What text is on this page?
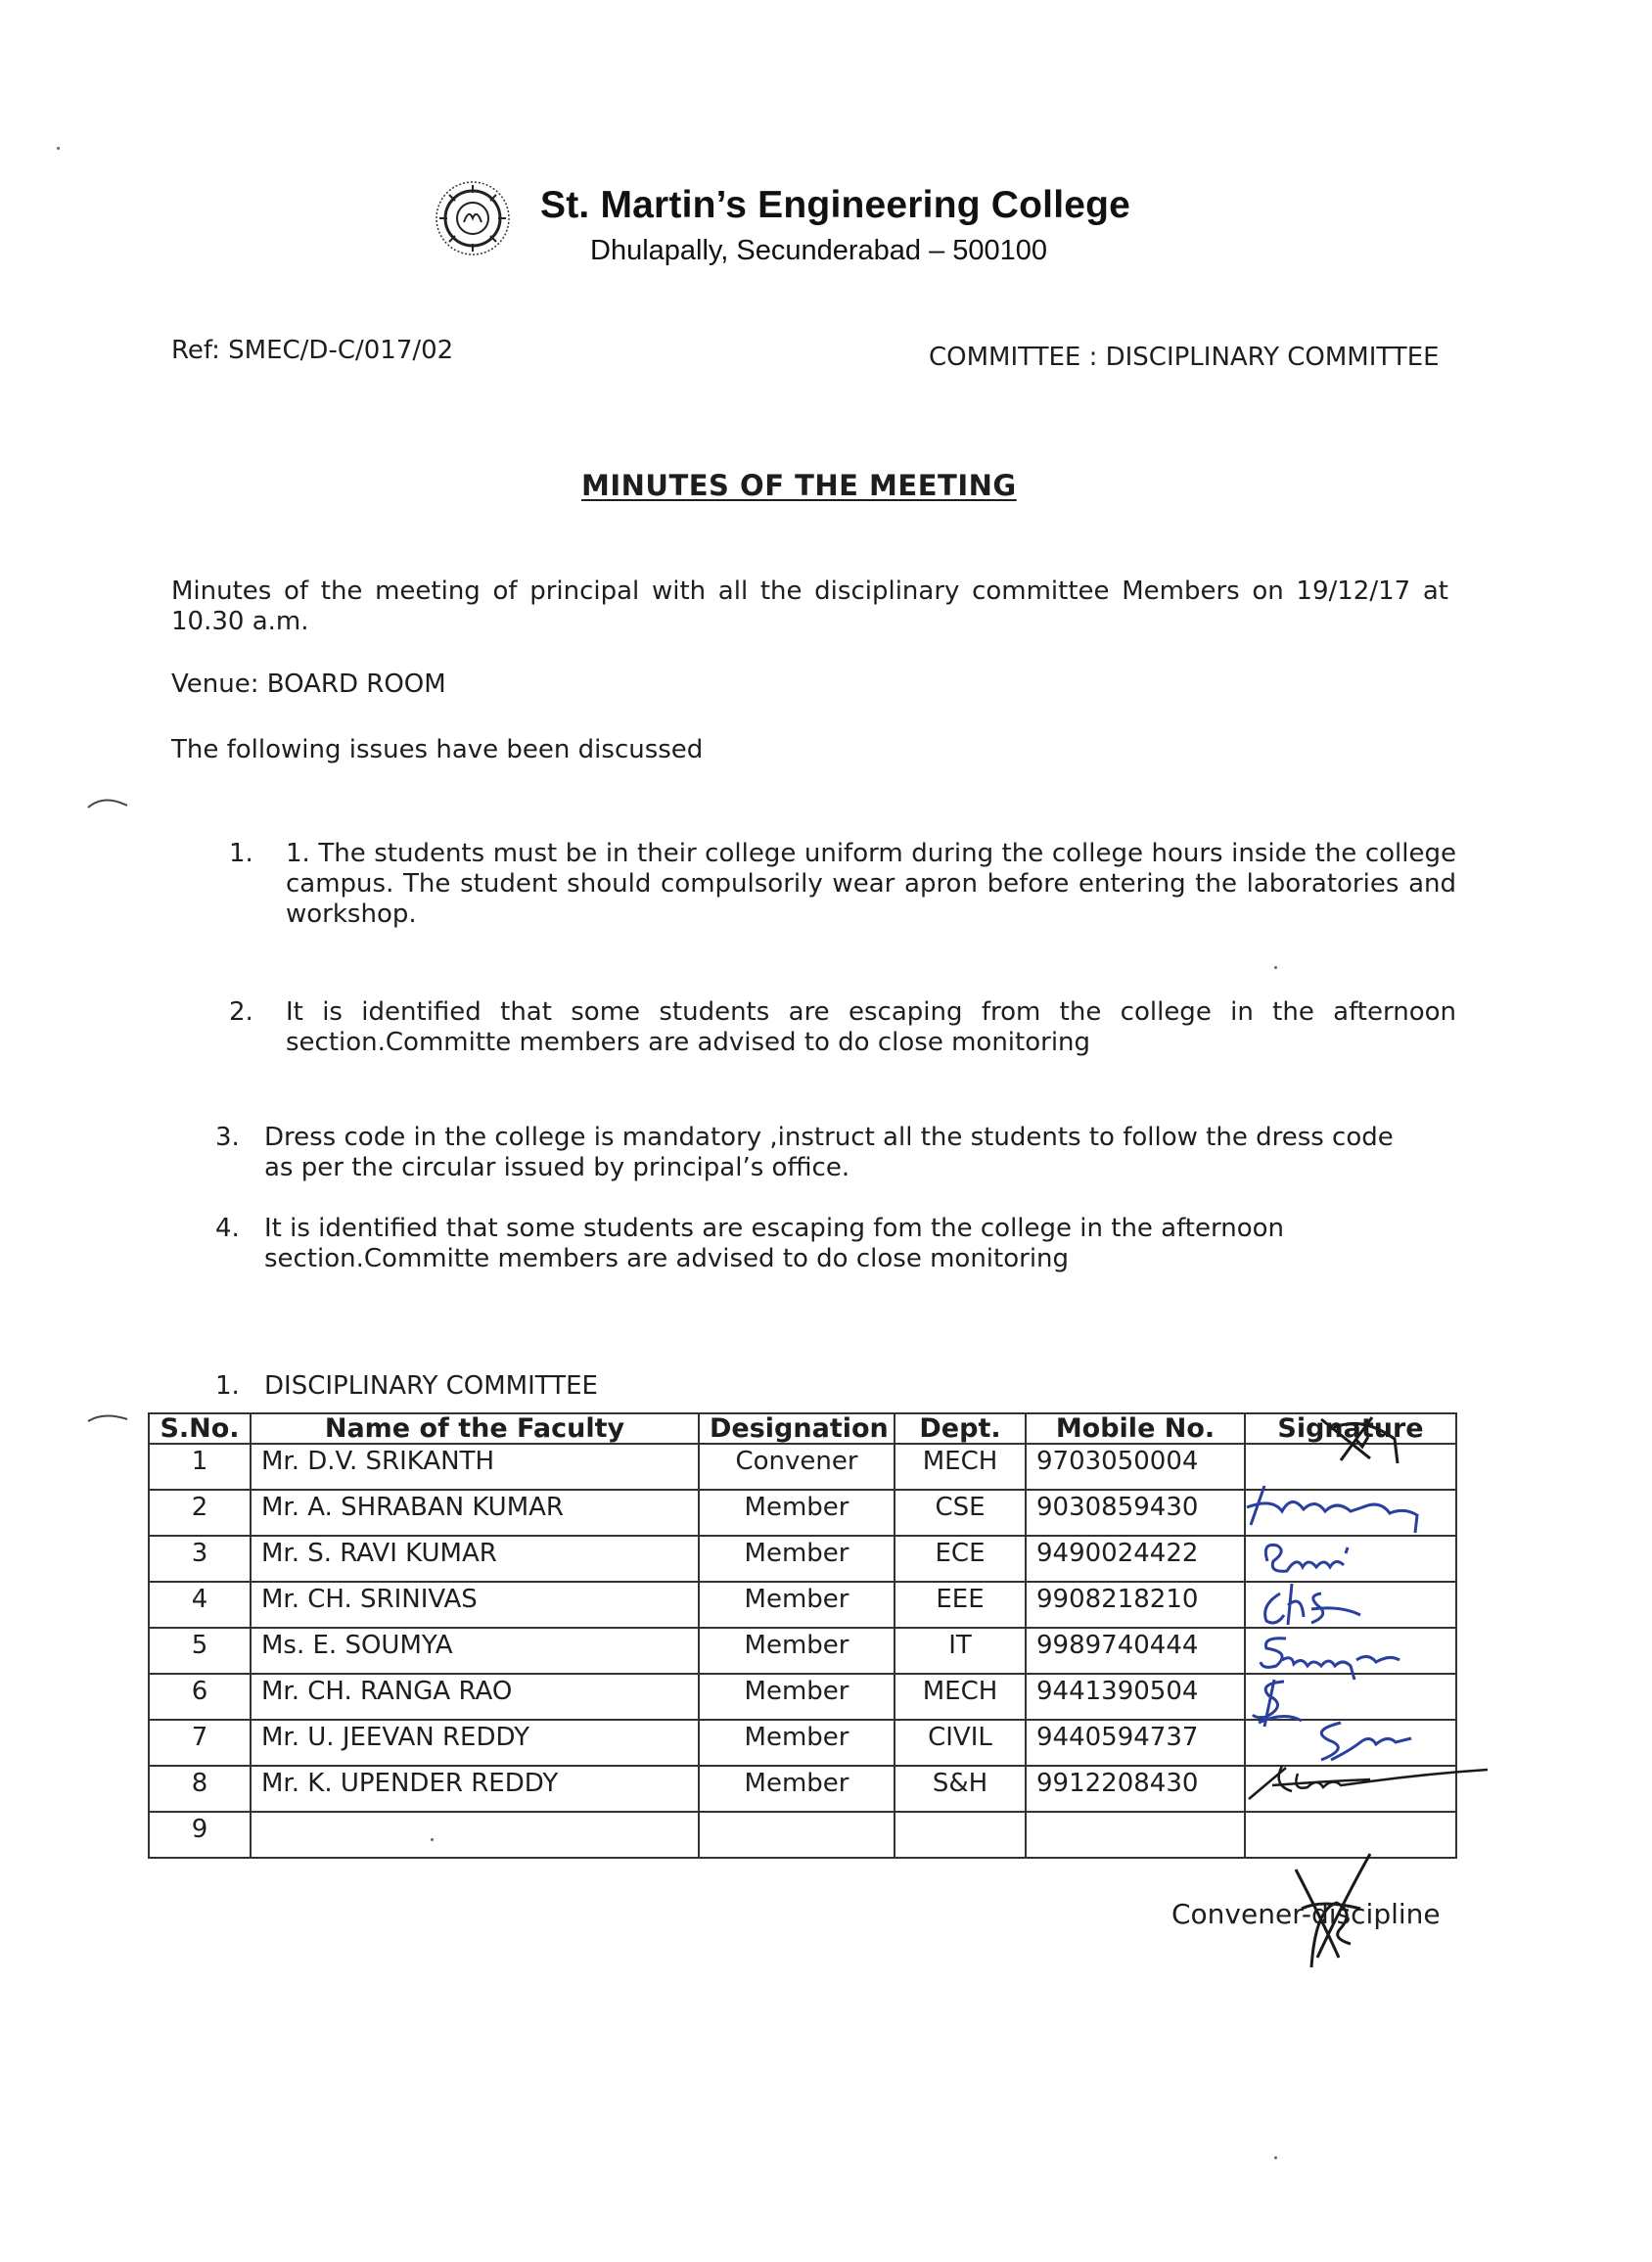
St. Martin’s Engineering College
Dhulapally, Secunderabad – 500100
Ref: SMEC/D-C/017/02	COMMITTEE : DISCIPLINARY COMMITTEE
MINUTES OF THE MEETING
Minutes of the meeting of principal with all the disciplinary committee Members on 19/12/17 at 10.30 a.m.
Venue: BOARD ROOM
The following issues have been discussed
1.	1. The students must be in their college uniform during the college hours inside the college campus. The student should compulsorily wear apron before entering the laboratories and workshop.
2.	It is identified that some students are escaping from the college in the afternoon section.Committe members are advised to do close monitoring
3. Dress code in the college is mandatory ,instruct all the students to follow the dress code as per the circular issued by principal’s office.
4. It is identified that some students are escaping fom the college in the afternoon section.Committe members are advised to do close monitoring
1. DISCIPLINARY COMMITTEE
S.No.	Name of the Faculty	Designation	Dept.	Mobile No.	Signature
1	Mr. D.V. SRIKANTH	Convener	MECH	9703050004	
2	Mr. A. SHRABAN KUMAR	Member	CSE	9030859430	
3	Mr. S. RAVI KUMAR	Member	ECE	9490024422	
4	Mr. CH. SRINIVAS	Member	EEE	9908218210	
5	Ms. E. SOUMYA	Member	IT	9989740444	
6	Mr. CH. RANGA RAO	Member	MECH	9441390504	
7	Mr. U. JEEVAN REDDY	Member	CIVIL	9440594737	
8	Mr. K. UPENDER REDDY	Member	S&H	9912208430	
9					
Convener-discipline
